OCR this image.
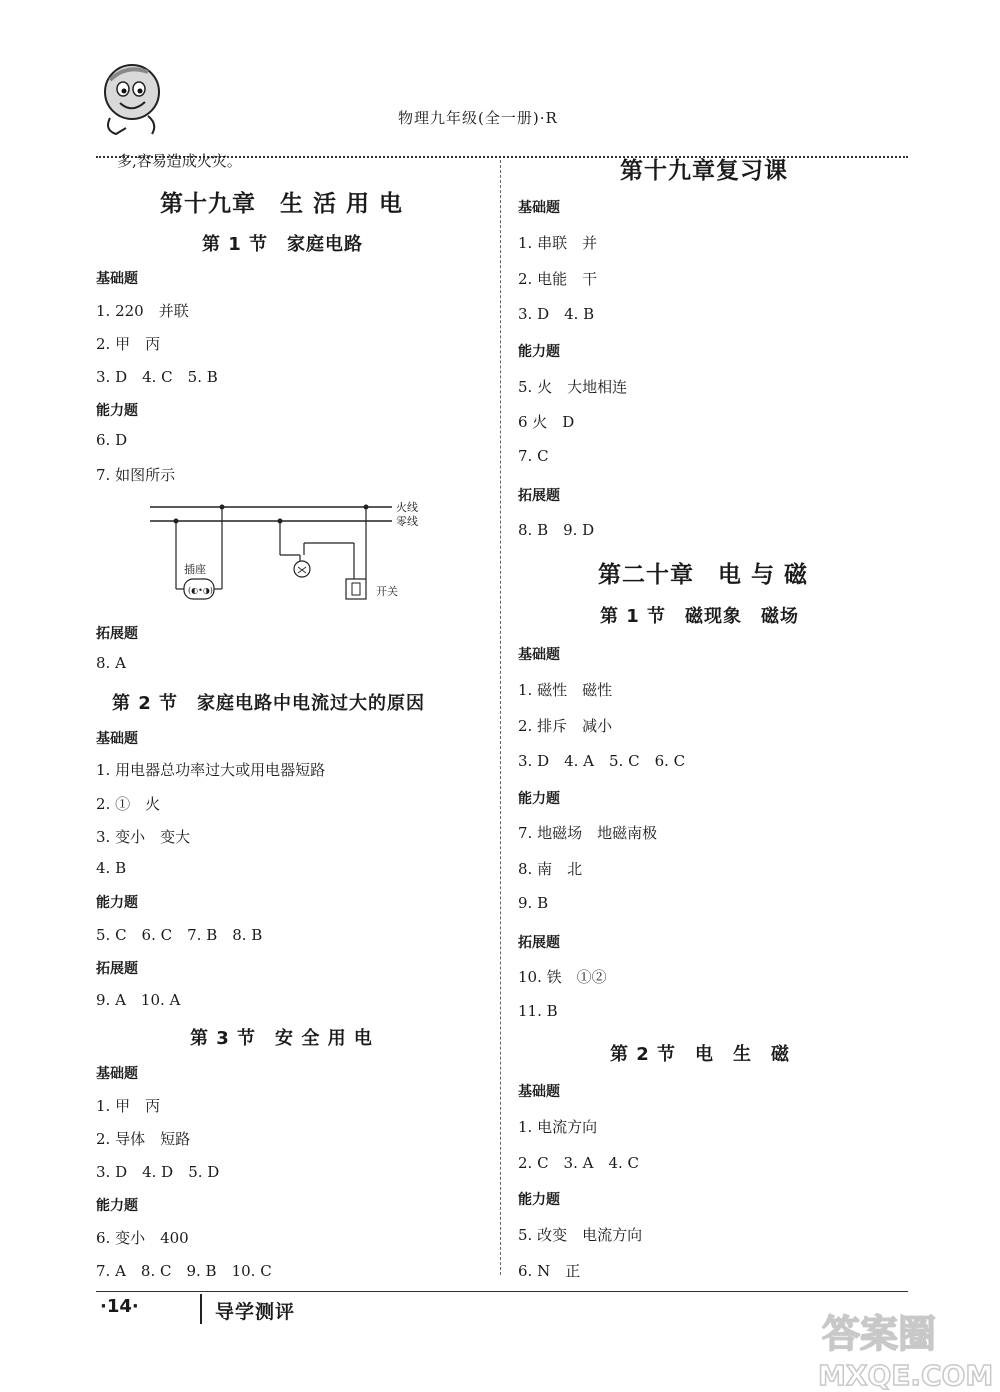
物理九年级(全一册)·R
多,容易造成火灾。
第十九章　生 活 用 电
第 1 节　家庭电路
基础题
1. 220　并联
2. 甲　丙
3. D　4. C　5. B
能力题
6. D
7. 如图所示
火线
零线
(◐•◑)
插座
开关
拓展题
8. A
第 2 节　家庭电路中电流过大的原因
基础题
1. 用电器总功率过大或用电器短路
2. ①　火
3. 变小　变大
4. B
能力题
5. C　6. C　7. B　8. B
拓展题
9. A　10. A
第 3 节　安 全 用 电
基础题
1. 甲　丙
2. 导体　短路
3. D　4. D　5. D
能力题
6. 变小　400
7. A　8. C　9. B　10. C
第十九章复习课
基础题
1. 串联　并
2. 电能　干
3. D　4. B
能力题
5. 火　大地相连
6 火　D
7. C
拓展题
8. B　9. D
第二十章　电 与 磁
第 1 节　磁现象　磁场
基础题
1. 磁性　磁性
2. 排斥　减小
3. D　4. A　5. C　6. C
能力题
7. 地磁场　地磁南极
8. 南　北
9. B
拓展题
10. 铁　①②
11. B
第 2 节　电　生　磁
基础题
1. 电流方向
2. C　3. A　4. C
能力题
5. 改变　电流方向
6. N　正
·14·	导学测评	答案圈
MXQE.COM
